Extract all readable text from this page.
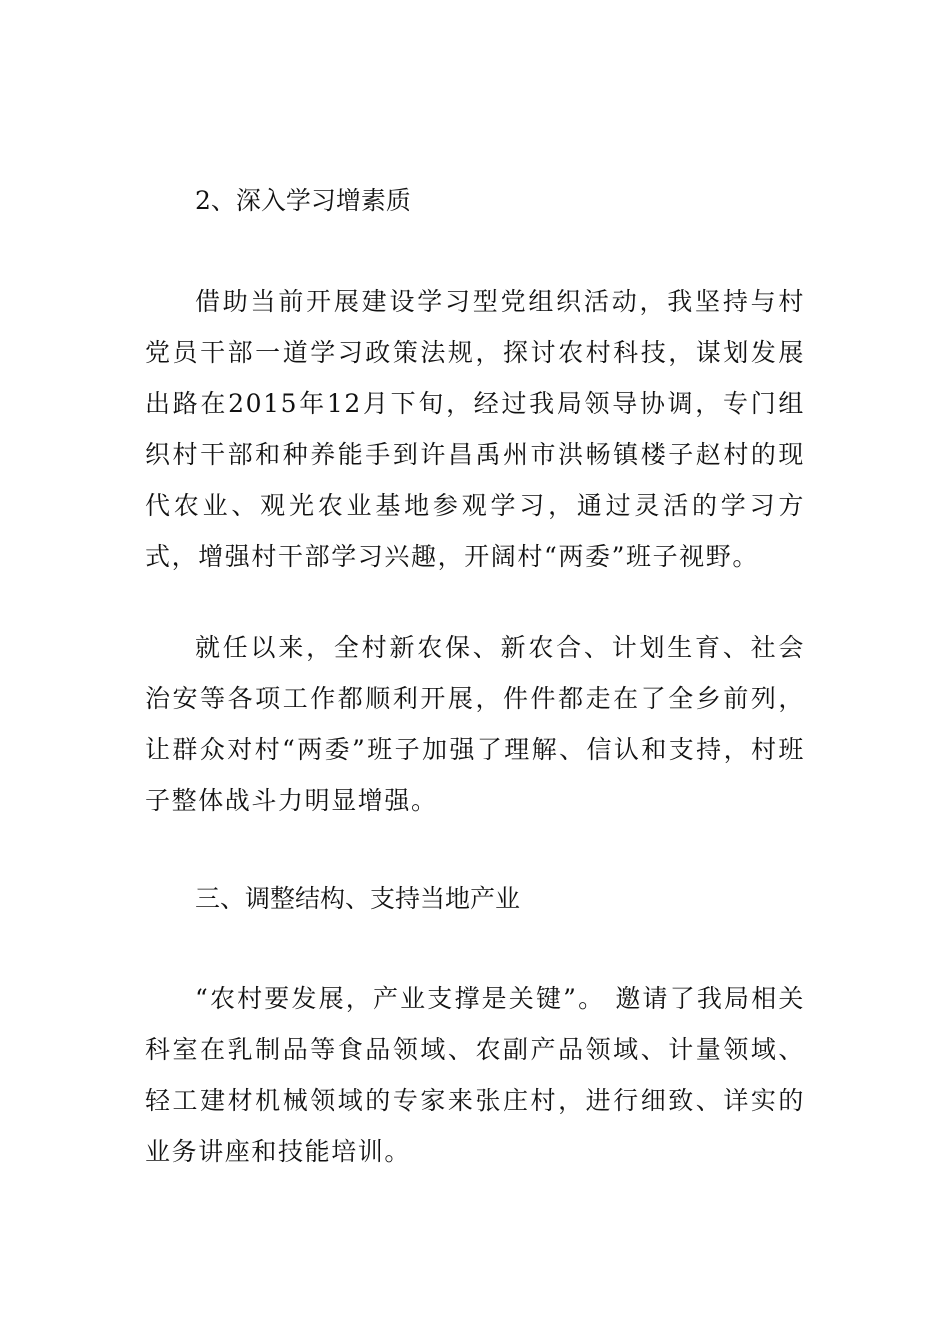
2、深入学习增素质

借助当前开展建设学习型党组织活动，我坚持与村党员干部一道学习政策法规，探讨农村科技，谋划发展出路在2015年12月下旬，经过我局领导协调，专门组织村干部和种养能手到许昌禹州市洪畅镇楼子赵村的现代农业、观光农业基地参观学习，通过灵活的学习方式，增强村干部学习兴趣，开阔村“两委”班子视野。

就任以来，全村新农保、新农合、计划生育、社会治安等各项工作都顺利开展，件件都走在了全乡前列，让群众对村“两委”班子加强了理解、信认和支持，村班子整体战斗力明显增强。

三、调整结构、支持当地产业

“农村要发展，产业支撑是关键”。 邀请了我局相关科室在乳制品等食品领域、农副产品领域、计量领域、轻工建材机械领域的专家来张庄村，进行细致、详实的业务讲座和技能培训。
